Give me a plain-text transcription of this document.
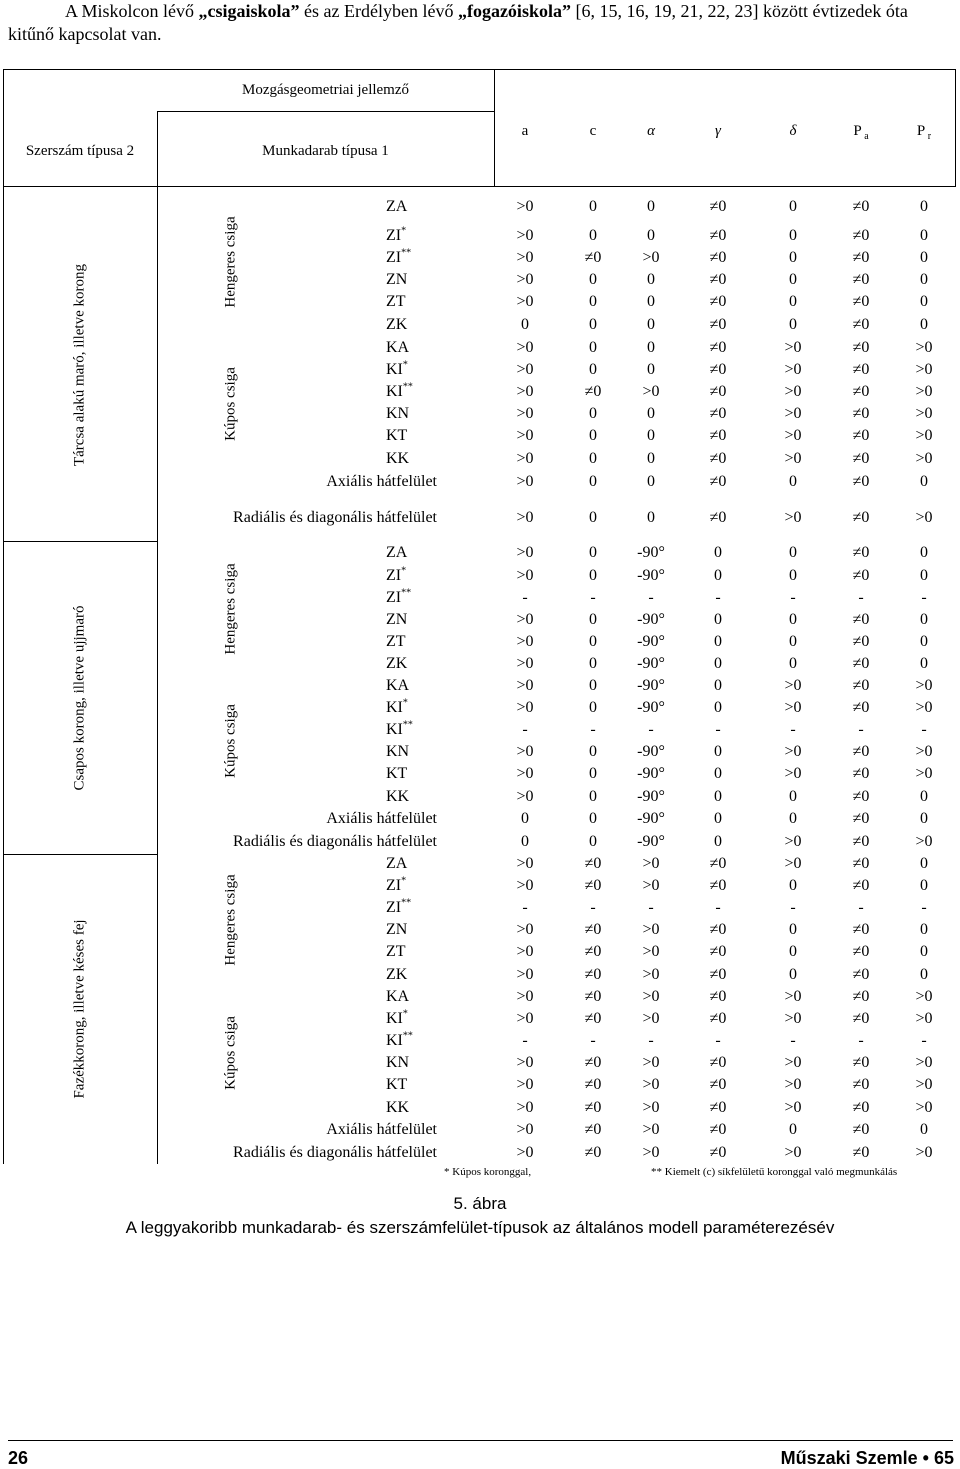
A Miskolcon lévő „csigaiskola” és az Erdélyben lévő „fogazóiskola” [6, 15, 16, 19, 21, 22, 23] között évtizedek óta kitűnő kapcsolat van.
Mozgásgeometriai jellemző
Szerszám típusa 2	Munkadarab típusa 1
a	c	α	γ	δ	P $_a$	P $_r$
Tárcsa alakú maró, illetve korong
Hengeres csiga
Kúpos csiga
Csapos korong, illetve ujjmaró	Hengeres csiga
Kúpos csiga
Fazékkorong, illetve késes fej	Hengeres csiga
Kúpos csiga
ZA	>0	0	0	≠0	0	≠0	0
ZI*	>0	0	0	≠0	0	≠0	0
ZI**	>0	≠0	>0	≠0	0	≠0	0
ZN	>0	0	0	≠0	0	≠0	0
ZT	>0	0	0	≠0	0	≠0	0
ZK	0	0	0	≠0	0	≠0	0
KA	>0	0	0	≠0	>0	≠0	>0
KI*	>0	0	0	≠0	>0	≠0	>0
KI**	>0	≠0	>0	≠0	>0	≠0	>0
KN	>0	0	0	≠0	>0	≠0	>0
KT	>0	0	0	≠0	>0	≠0	>0
KK	>0	0	0	≠0	>0	≠0	>0
Axiális hátfelület	>0	0	0	≠0	0	≠0	0
Radiális és diagonális hátfelület	>0	0	0	≠0	>0	≠0	>0
ZA	>0	0	-90°	0	0	≠0	0
ZI*	>0	0	-90°	0	0	≠0	0
ZI**	-	-	-	-	-	-	-
ZN	>0	0	-90°	0	0	≠0	0
ZT	>0	0	-90°	0	0	≠0	0
ZK	>0	0	-90°	0	0	≠0	0
KA	>0	0	-90°	0	>0	≠0	>0
KI*	>0	0	-90°	0	>0	≠0	>0
KI**	-	-	-	-	-	-	-
KN	>0	0	-90°	0	>0	≠0	>0
KT	>0	0	-90°	0	>0	≠0	>0
KK	>0	0	-90°	0	0	≠0	0
Axiális hátfelület	0	0	-90°	0	0	≠0	0
Radiális és diagonális hátfelület	0	0	-90°	0	>0	≠0	>0
ZA	>0	≠0	>0	≠0	>0	≠0	0
ZI*	>0	≠0	>0	≠0	0	≠0	0
ZI**	-	-	-	-	-	-	-
ZN	>0	≠0	>0	≠0	0	≠0	0
ZT	>0	≠0	>0	≠0	0	≠0	0
ZK	>0	≠0	>0	≠0	0	≠0	0
KA	>0	≠0	>0	≠0	>0	≠0	>0
KI*	>0	≠0	>0	≠0	>0	≠0	>0
KI**	-	-	-	-	-	-	-
KN	>0	≠0	>0	≠0	>0	≠0	>0
KT	>0	≠0	>0	≠0	>0	≠0	>0
KK	>0	≠0	>0	≠0	>0	≠0	>0
Axiális hátfelület	>0	≠0	>0	≠0	0	≠0	0
Radiális és diagonális hátfelület	>0	≠0	>0	≠0	>0	≠0	>0
* Kúpos koronggal,	** Kiemelt (c) síkfelületű koronggal való megmunkálás
5. ábra
A leggyakoribb munkadarab- és szerszámfelület-típusok az általános modell paraméterezésév
26	Műszaki Szemle • 65
